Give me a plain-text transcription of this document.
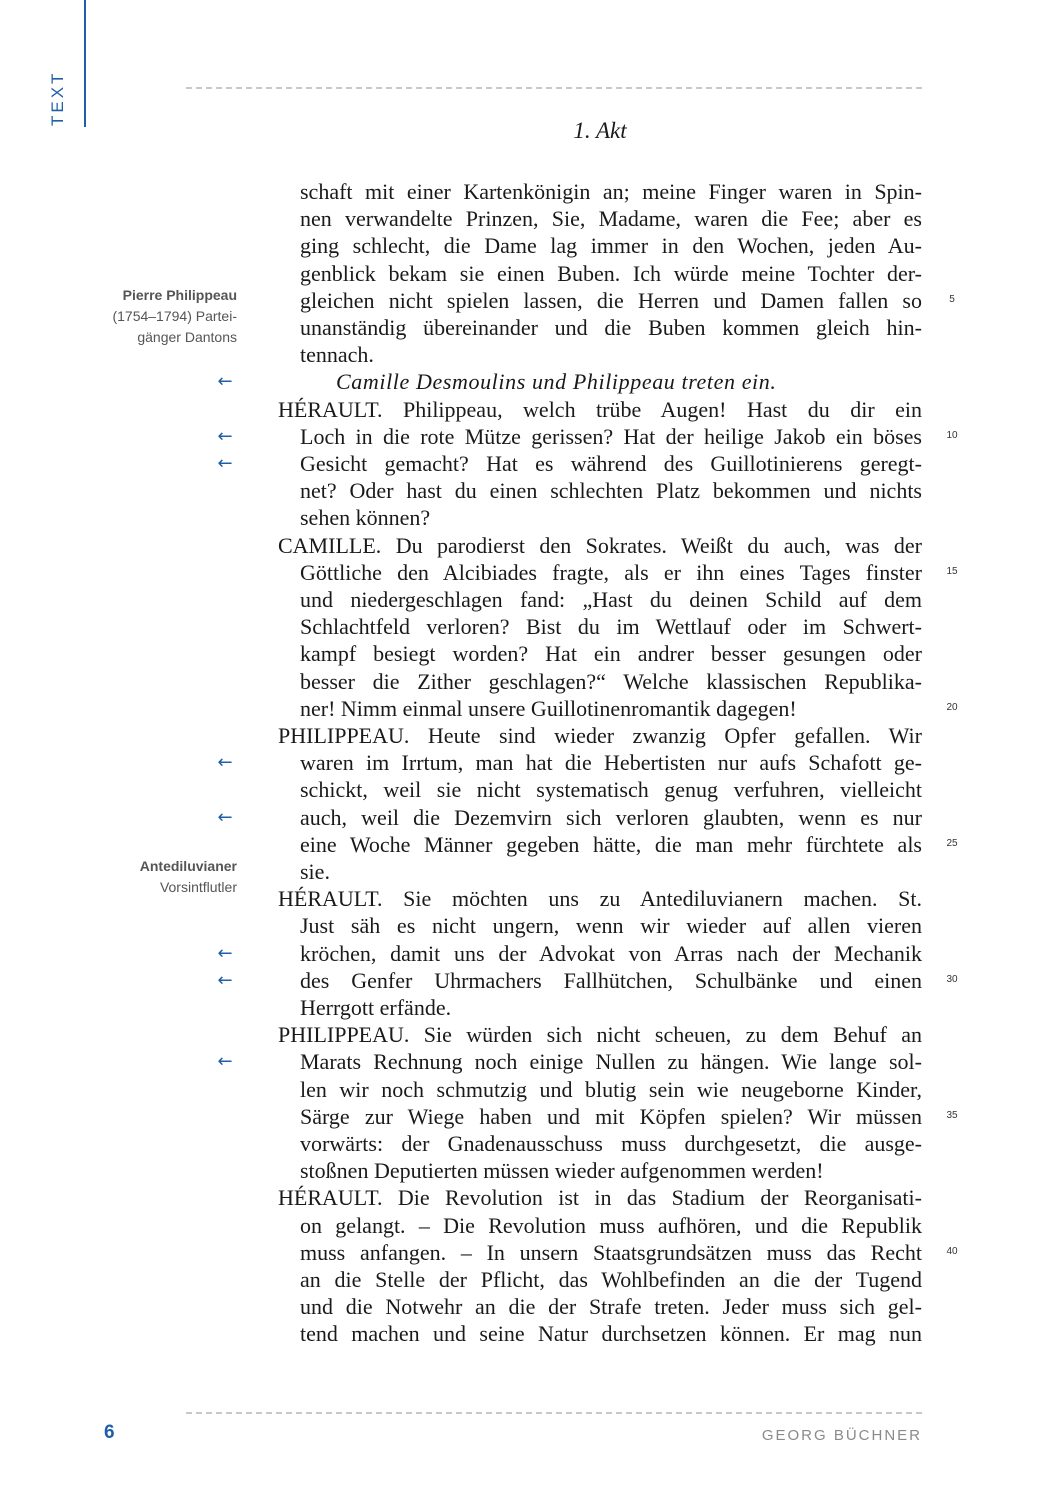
TEXT
1. Akt
schaft mit einer Kartenkönigin an; meine Finger waren in Spin-
nen verwandelte Prinzen, Sie, Madame, waren die Fee; aber es
ging schlecht, die Dame lag immer in den Wochen, jeden Au-
genblick bekam sie einen Buben. Ich würde meine Tochter der-
gleichen nicht spielen lassen, die Herren und Damen fallen so
unanständig übereinander und die Buben kommen gleich hin-
tennach.
Camille Desmoulins und Philippeau treten ein.
HÉRAULT. Philippeau, welch trübe Augen! Hast du dir ein
Loch in die rote Mütze gerissen? Hat der heilige Jakob ein böses
Gesicht gemacht? Hat es während des Guillotinierens geregt-
net? Oder hast du einen schlechten Platz bekommen und nichts
sehen können?
CAMILLE. Du parodierst den Sokrates. Weißt du auch, was der
Göttliche den Alcibiades fragte, als er ihn eines Tages finster
und niedergeschlagen fand: „Hast du deinen Schild auf dem
Schlachtfeld verloren? Bist du im Wettlauf oder im Schwert-
kampf besiegt worden? Hat ein andrer besser gesungen oder
besser die Zither geschlagen?“ Welche klassischen Republika-
ner! Nimm einmal unsere Guillotinenromantik dagegen!
PHILIPPEAU. Heute sind wieder zwanzig Opfer gefallen. Wir
waren im Irrtum, man hat die Hebertisten nur aufs Schafott ge-
schickt, weil sie nicht systematisch genug verfuhren, vielleicht
auch, weil die Dezemvirn sich verloren glaubten, wenn es nur
eine Woche Männer gegeben hätte, die man mehr fürchtete als
sie.
HÉRAULT. Sie möchten uns zu Antediluvianern machen. St.
Just säh es nicht ungern, wenn wir wieder auf allen vieren
kröchen, damit uns der Advokat von Arras nach der Mechanik
des Genfer Uhrmachers Fallhütchen, Schulbänke und einen
Herrgott erfände.
PHILIPPEAU. Sie würden sich nicht scheuen, zu dem Behuf an
Marats Rechnung noch einige Nullen zu hängen. Wie lange sol-
len wir noch schmutzig und blutig sein wie neugeborne Kinder,
Särge zur Wiege haben und mit Köpfen spielen? Wir müssen
vorwärts: der Gnadenausschuss muss durchgesetzt, die ausge-
stoßnen Deputierten müssen wieder aufgenommen werden!
HÉRAULT. Die Revolution ist in das Stadium der Reorganisati-
on gelangt. – Die Revolution muss aufhören, und die Republik
muss anfangen. – In unsern Staatsgrundsätzen muss das Recht
an die Stelle der Pflicht, das Wohlbefinden an die der Tugend
und die Notwehr an die der Strafe treten. Jeder muss sich gel-
tend machen und seine Natur durchsetzen können. Er mag nun
Pierre Philippeau
(1754–1794) Partei-
gänger Dantons
Antediluvianer
Vorsintflutler
←
←
←
←
←
←
←
←
5
10
15
20
25
30
35
40
6	GEORG BÜCHNER
